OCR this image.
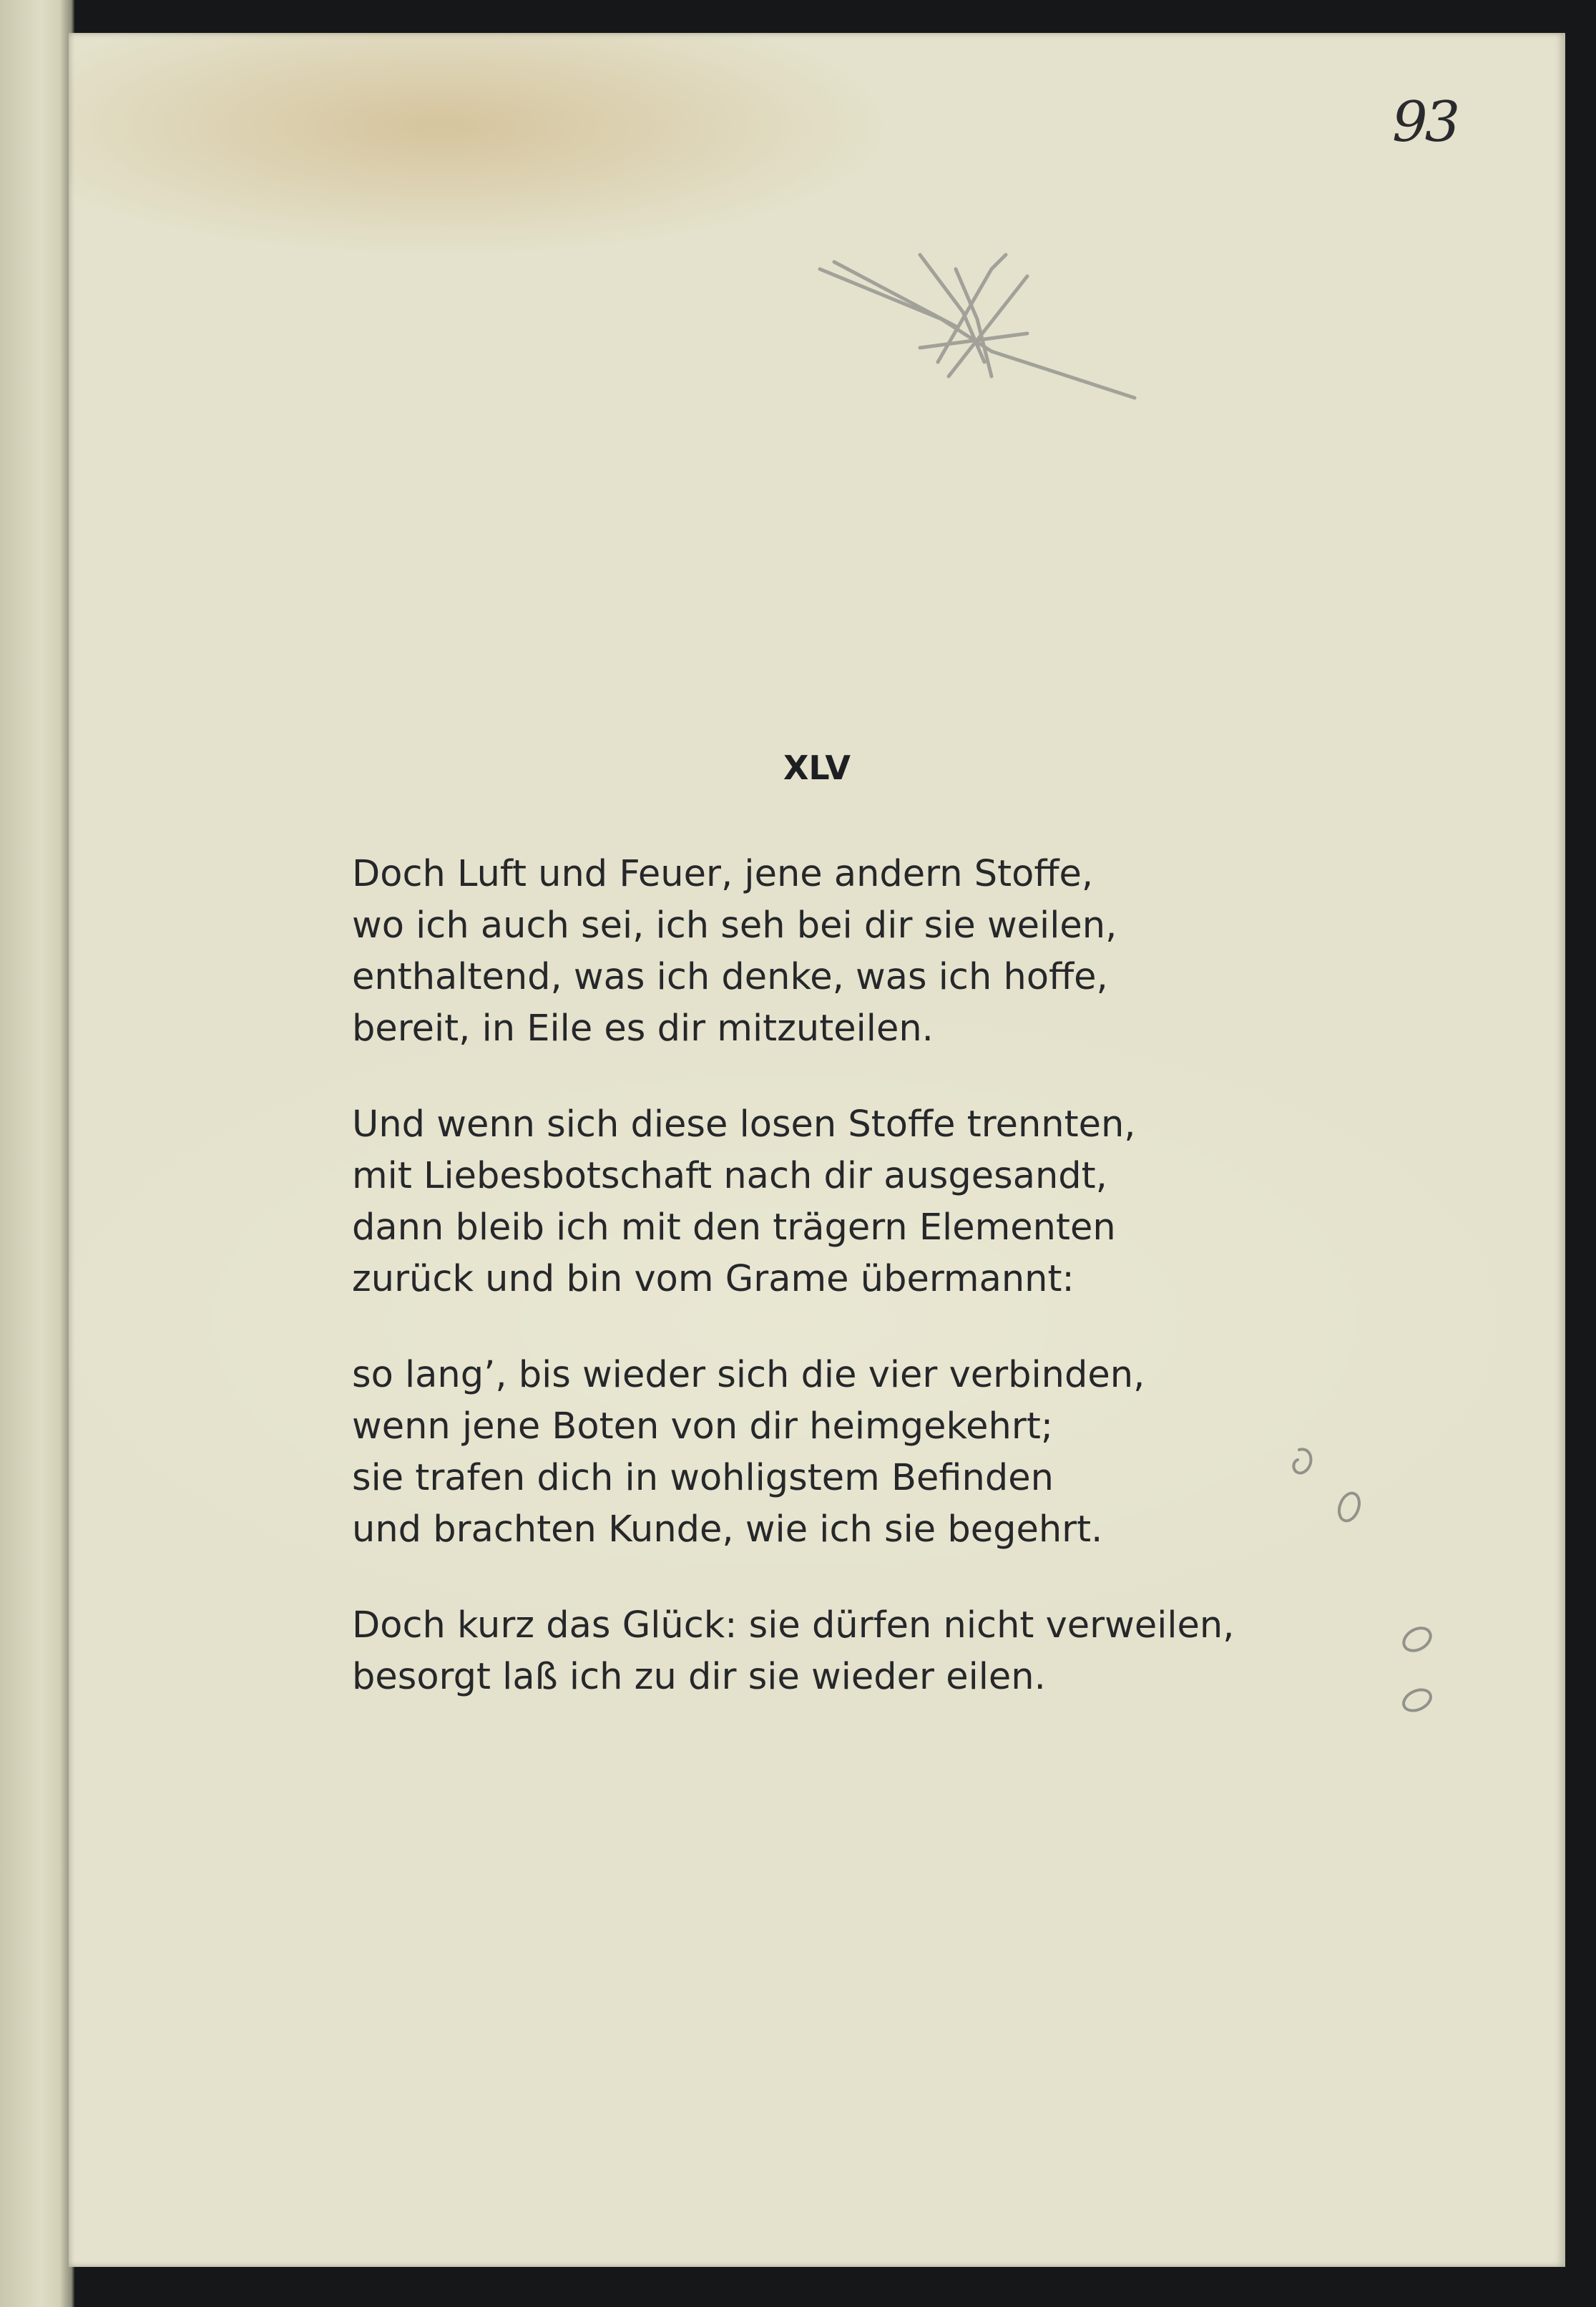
93
XLV
Doch Luft und Feuer, jene andern Stoffe,
wo ich auch sei, ich seh bei dir sie weilen,
enthaltend, was ich denke, was ich hoffe,
bereit, in Eile es dir mitzuteilen.
Und wenn sich diese losen Stoffe trennten,
mit Liebesbotschaft nach dir ausgesandt,
dann bleib ich mit den trägern Elementen
zurück und bin vom Grame übermannt:
so lang’, bis wieder sich die vier verbinden,
wenn jene Boten von dir heimgekehrt;
sie trafen dich in wohligstem Befinden
und brachten Kunde, wie ich sie begehrt.
Doch kurz das Glück: sie dürfen nicht verweilen,
besorgt laß ich zu dir sie wieder eilen.
